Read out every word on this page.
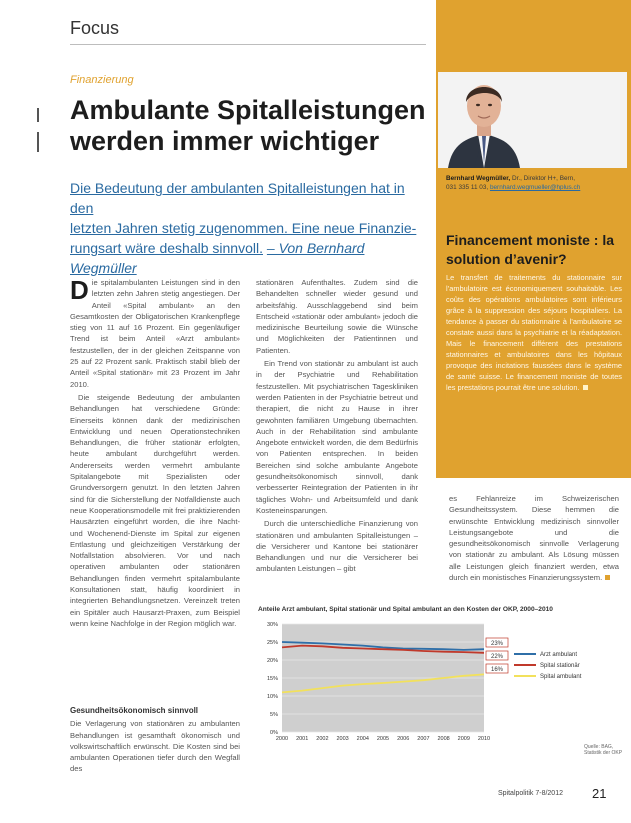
Focus
Finanzierung
Ambulante Spitalleistungen werden immer wichtiger
Die Bedeutung der ambulanten Spitalleistungen hat in den
letzten Jahren stetig zugenommen. Eine neue Finanzie-
rungsart wäre deshalb sinnvoll. – Von Bernhard Wegmüller

Die spitalambulanten Leistungen sind in den letzten zehn Jahren stetig angestiegen. Der Anteil «Spital ambulant» an den Gesamtkosten der Obligatorischen Krankenpflege stieg von 11 auf 16 Prozent. Ein gegenläufiger Trend ist beim Anteil «Arzt ambulant» festzustellen, der in der gleichen Zeitspanne von 25 auf 22 Prozent sank. Praktisch stabil blieb der Anteil «Spital stationär» mit 23 Prozent im Jahr 2010.

Die steigende Bedeutung der ambulanten Behandlungen hat verschiedene Gründe: Einerseits können dank der medizinischen Entwicklung und neuen Operationstechniken Behandlungen, die früher stationär erfolgten, heute ambulant durchgeführt werden. Andererseits werden vermehrt ambulante Spitalangebote mit Spezialisten oder Grundversorgern genutzt. In den letzten Jahren sind für die Sicherstellung der Notfalldienste auch neue Kooperationsmodelle mit frei praktizierenden Hausärzten eingeführt worden, die ihre Nacht- und Wochenend-Dienste im Spital zur eigenen Entlastung und gleichzeitigen Verstärkung der Notfallstation absolvieren. Vor und nach operativen ambulanten oder stationären Behandlungen finden vermehrt spitalambulante Konsultationen statt, häufig koordiniert in integrierten Behandlungsnetzen. Vereinzelt treten ein Spitäler auch Hausarzt-Praxen, zum Beispiel wenn keine Nachfolge in der Region möglich war.

Gesundheitsökonomisch sinnvoll

Die Verlagerung von stationären zu ambulanten Behandlungen ist gesamthaft ökonomisch und volkswirtschaftlich erwünscht. Die Kosten sind bei ambulanten Operationen tiefer durch den Wegfall des

stationären Aufenthaltes. Zudem sind die Behandelten schneller wieder gesund und arbeitsfähig. Ausschlaggebend sind beim Entscheid «stationär oder ambulant» jedoch die medizinische Beurteilung sowie die Wünsche und Möglichkeiten der Patientinnen und Patienten.

Ein Trend von stationär zu ambulant ist auch in der Psychiatrie und Rehabilitation festzustellen. Mit psychiatrischen Tageskliniken werden Patienten in der Psychiatrie betreut und therapiert, die nicht zu Hause in ihrer gewohnten familiären Umgebung übernachten. Auch in der Rehabilitation sind ambulante Angebote entwickelt worden, die dem Bedürfnis von Patienten entsprechen. In beiden Bereichen sind solche ambulante Angebote gesundheitsökonomisch sinnvoll, dank verbesserter Reintegration der Patienten in ihr tägliches Wohn- und Arbeitsumfeld und dank Kosteneinsparungen.

Durch die unterschiedliche Finanzierung von stationären und ambulanten Spitalleistungen – die Versicherer und Kantone bei stationärer Behandlungen und nur die Versicherer bei ambulanten Leistungen – gibt

Bernhard Wegmüller, Dr., Direktor H+, Bern,
031 335 11 03, bernhard.wegmueller@hplus.ch
Financement moniste : la solution d’avenir?
Le transfert de traitements du stationnaire sur l’ambulatoire est économiquement souhaitable. Les coûts des opérations ambulatoires sont inférieurs grâce à la suppression des séjours hospitaliers. La tendance à passer du stationnaire à l’ambulatoire se constate aussi dans la psychiatrie et la réadaptation. Mais le financement différent des prestations stationnaires et ambulatoires dans les hôpitaux provoque des incitations faussées dans le système de santé suisse. Le financement moniste de toutes les prestations pourrait être une solution.
es Fehlanreize im Schweizerischen Gesundheitssystem. Diese hemmen die erwünschte Entwicklung medizinisch sinnvoller Leistungsangebote und die gesundheitsökonomisch sinnvolle Verlagerung von stationär zu ambulant. Als Lösung müssen alle Leistungen gleich finanziert werden, etwa durch ein monistisches Finanzierungssystem.
Anteile Arzt ambulant, Spital stationär und Spital ambulant an den Kosten der OKP, 2000–2010
0%
5%
10%
15%
20%
25%
30%
2000 2001 2002 2003 2004 2005 2006 2007 2008 2009 2010
23%
Arzt ambulant
22%
Spital stationär
16%
Spital ambulant
Quelle: BAG, Statistik der OKP
Spitalpolitik 7-8/2012 21
